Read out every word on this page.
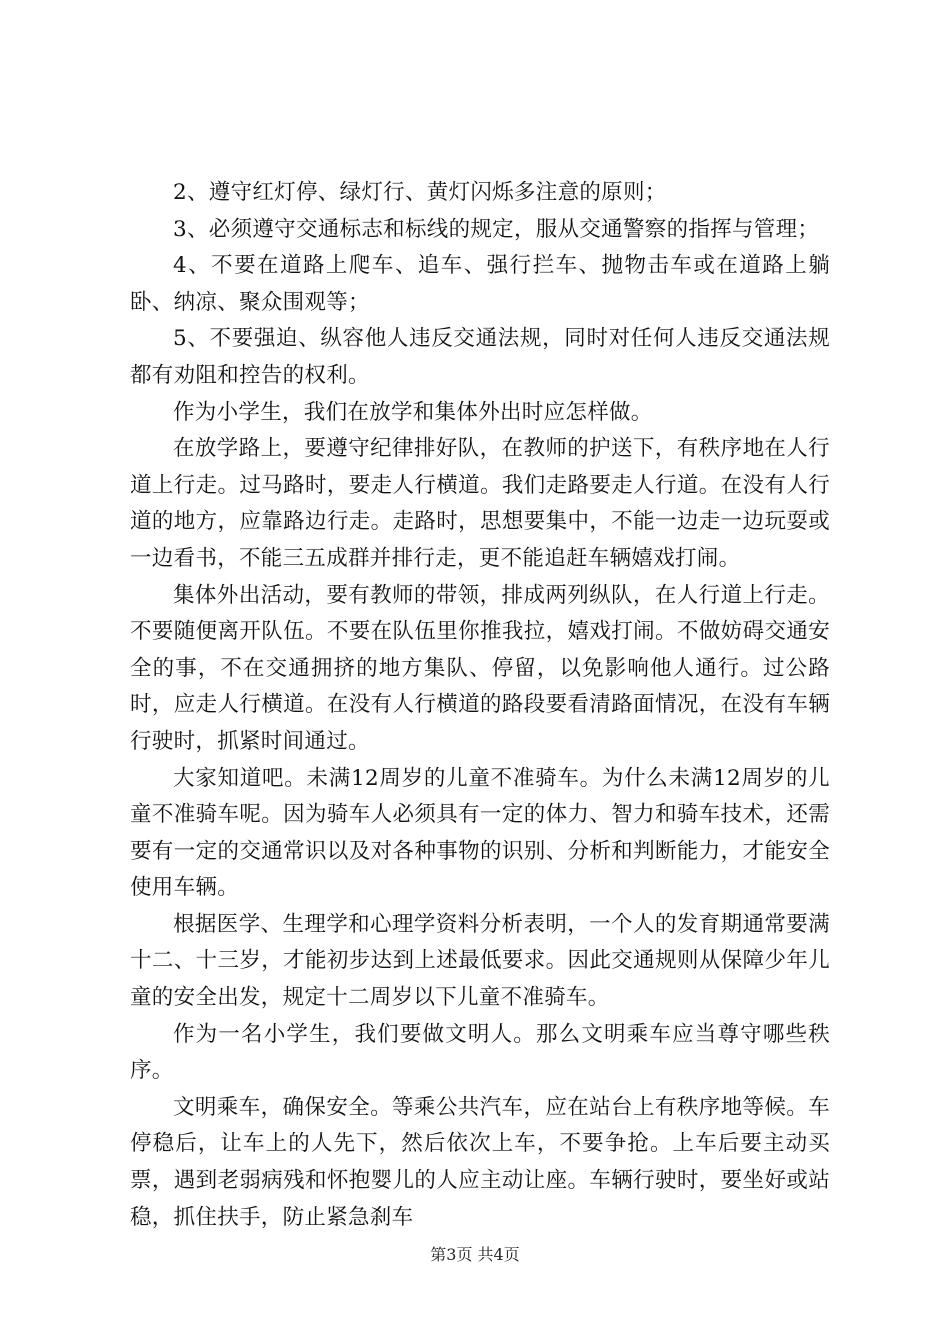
2、遵守红灯停、绿灯行、黄灯闪烁多注意的原则；

3、必须遵守交通标志和标线的规定，服从交通警察的指挥与管理；

4、不要在道路上爬车、追车、强行拦车、抛物击车或在道路上躺卧、纳凉、聚众围观等；

5、不要强迫、纵容他人违反交通法规，同时对任何人违反交通法规都有劝阻和控告的权利。

作为小学生，我们在放学和集体外出时应怎样做。

在放学路上，要遵守纪律排好队，在教师的护送下，有秩序地在人行道上行走。过马路时，要走人行横道。我们走路要走人行道。在没有人行道的地方，应靠路边行走。走路时，思想要集中，不能一边走一边玩耍或一边看书，不能三五成群并排行走，更不能追赶车辆嬉戏打闹。

集体外出活动，要有教师的带领，排成两列纵队，在人行道上行走。不要随便离开队伍。不要在队伍里你推我拉，嬉戏打闹。不做妨碍交通安全的事，不在交通拥挤的地方集队、停留，以免影响他人通行。过公路时，应走人行横道。在没有人行横道的路段要看清路面情况，在没有车辆行驶时，抓紧时间通过。

大家知道吧。未满12周岁的儿童不准骑车。为什么未满12周岁的儿童不准骑车呢。因为骑车人必须具有一定的体力、智力和骑车技术，还需要有一定的交通常识以及对各种事物的识别、分析和判断能力，才能安全使用车辆。

根据医学、生理学和心理学资料分析表明，一个人的发育期通常要满十二、十三岁，才能初步达到上述最低要求。因此交通规则从保障少年儿童的安全出发，规定十二周岁以下儿童不准骑车。

作为一名小学生，我们要做文明人。那么文明乘车应当尊守哪些秩序。

文明乘车，确保安全。等乘公共汽车，应在站台上有秩序地等候。车停稳后，让车上的人先下，然后依次上车，不要争抢。上车后要主动买票，遇到老弱病残和怀抱婴儿的人应主动让座。车辆行驶时，要坐好或站稳，抓住扶手，防止紧急刹车

第3页 共4页
